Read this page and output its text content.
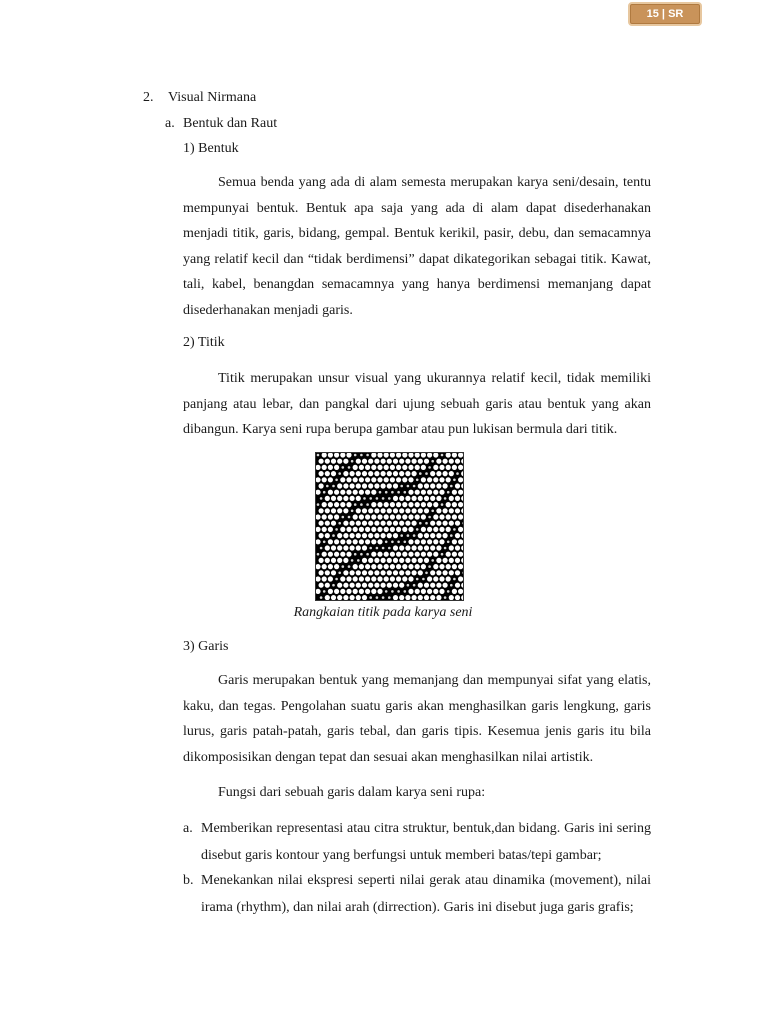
15 | SR
2. Visual Nirmana
a. Bentuk dan Raut
1) Bentuk

Semua benda yang ada di alam semesta merupakan karya seni/desain, tentu mempunyai bentuk. Bentuk apa saja yang ada di alam dapat disederhanakan menjadi titik, garis, bidang, gempal. Bentuk kerikil, pasir, debu, dan semacamnya yang relatif kecil dan “tidak berdimensi” dapat dikategorikan sebagai titik. Kawat, tali, kabel, benangdan semacamnya yang hanya berdimensi memanjang dapat disederhanakan menjadi garis.

2) Titik

Titik merupakan unsur visual yang ukurannya relatif kecil, tidak memiliki panjang atau lebar, dan pangkal dari ujung sebuah garis atau bentuk yang akan dibangun. Karya seni rupa berupa gambar atau pun lukisan bermula dari titik.

Rangkaian titik pada karya seni
3) Garis

Garis merupakan bentuk yang memanjang dan mempunyai sifat yang elatis, kaku, dan tegas. Pengolahan suatu garis akan menghasilkan garis lengkung, garis lurus, garis patah-patah, garis tebal, dan garis tipis. Kesemua jenis garis itu bila dikomposisikan dengan tepat dan sesuai akan menghasilkan nilai artistik.

Fungsi dari sebuah garis dalam karya seni rupa:
a. Memberikan representasi atau citra struktur, bentuk,dan bidang. Garis ini sering disebut garis kontour yang berfungsi untuk memberi batas/tepi gambar;
b. Menekankan nilai ekspresi seperti nilai gerak atau dinamika (movement), nilai irama (rhythm), dan nilai arah (dirrection). Garis ini disebut juga garis grafis;
